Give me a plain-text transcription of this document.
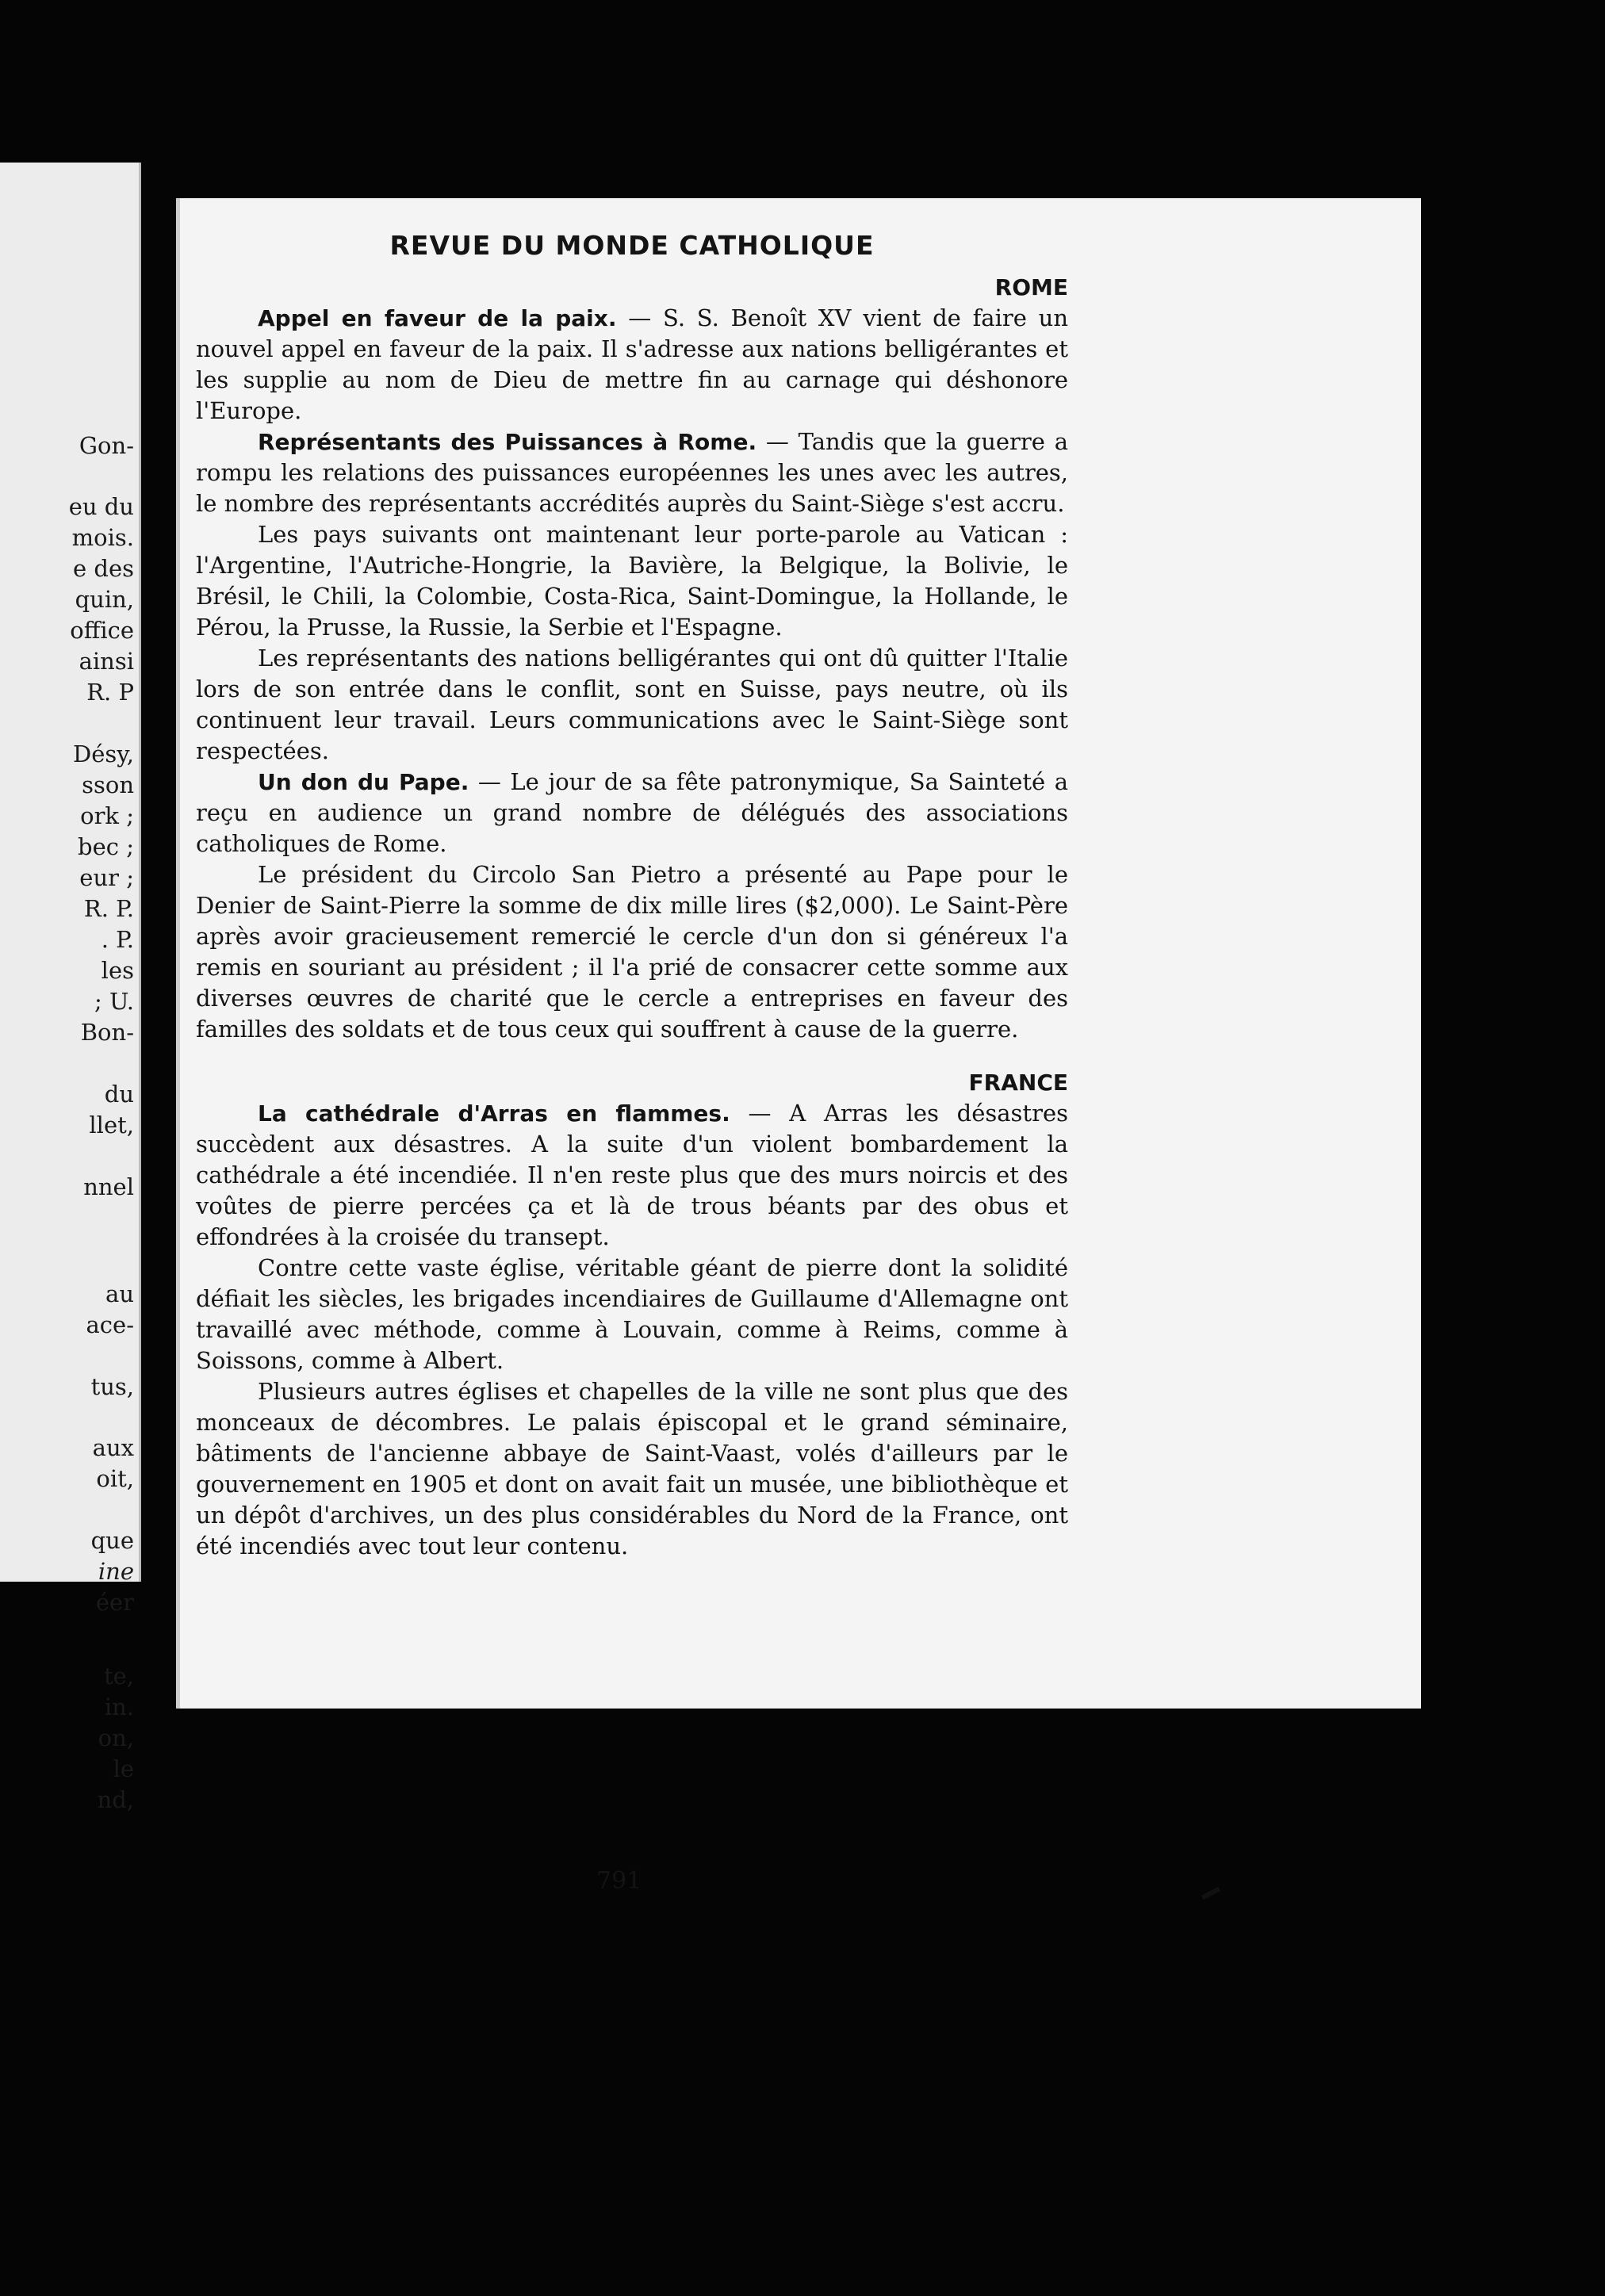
Gon-
eu du
mois.
e des
quin,
office
ainsi
R. P
Désy,
sson
ork ;
bec ;
eur ;
R. P.
. P.
les
; U.
Bon-
du
llet,
nnel
au
ace-
tus,
aux
oit,
que
ine
éer
te,
in.
on,
le
nd,
REVUE DU MONDE CATHOLIQUE
ROME

Appel en faveur de la paix. — S. S. Benoît XV vient de faire un nouvel appel en faveur de la paix. Il s'adresse aux nations belligérantes et les supplie au nom de Dieu de mettre fin au carnage qui déshonore l'Europe.

Représentants des Puissances à Rome. — Tandis que la guerre a rompu les relations des puissances européennes les unes avec les autres, le nombre des représentants accrédités auprès du Saint-Siège s'est accru.

Les pays suivants ont maintenant leur porte-parole au Vatican : l'Argentine, l'Autriche-Hongrie, la Bavière, la Belgique, la Bolivie, le Brésil, le Chili, la Colombie, Costa-Rica, Saint-Domingue, la Hollande, le Pérou, la Prusse, la Russie, la Serbie et l'Espagne.

Les représentants des nations belligérantes qui ont dû quitter l'Italie lors de son entrée dans le conflit, sont en Suisse, pays neutre, où ils continuent leur travail. Leurs communications avec le Saint-Siège sont respectées.

Un don du Pape. — Le jour de sa fête patronymique, Sa Sainteté a reçu en audience un grand nombre de délégués des associations catholiques de Rome.

Le président du Circolo San Pietro a présenté au Pape pour le Denier de Saint-Pierre la somme de dix mille lires ($2,000). Le Saint-Père après avoir gracieusement remercié le cercle d'un don si généreux l'a remis en souriant au président ; il l'a prié de consacrer cette somme aux diverses œuvres de charité que le cercle a entreprises en faveur des familles des soldats et de tous ceux qui souffrent à cause de la guerre.

FRANCE

La cathédrale d'Arras en flammes. — A Arras les désastres succèdent aux désastres. A la suite d'un violent bombardement la cathédrale a été incendiée. Il n'en reste plus que des murs noircis et des voûtes de pierre percées ça et là de trous béants par des obus et effondrées à la croisée du transept.

Contre cette vaste église, véritable géant de pierre dont la solidité défiait les siècles, les brigades incendiaires de Guillaume d'Allemagne ont travaillé avec méthode, comme à Louvain, comme à Reims, comme à Soissons, comme à Albert.

Plusieurs autres églises et chapelles de la ville ne sont plus que des monceaux de décombres. Le palais épiscopal et le grand séminaire, bâtiments de l'ancienne abbaye de Saint-Vaast, volés d'ailleurs par le gouvernement en 1905 et dont on avait fait un musée, une bibliothèque et un dépôt d'archives, un des plus considérables du Nord de la France, ont été incendiés avec tout leur contenu.

791
